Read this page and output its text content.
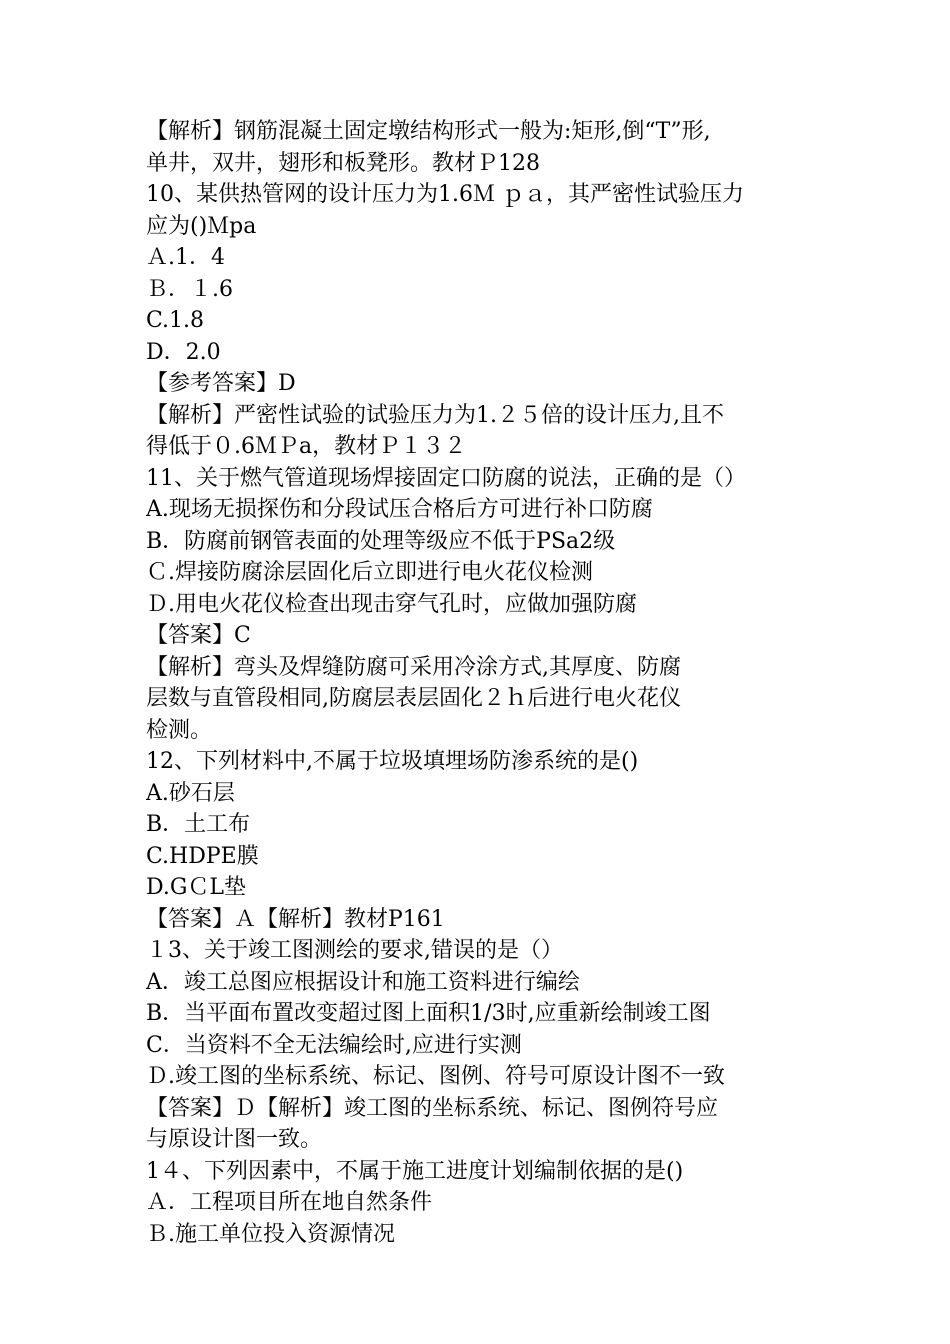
【解析】钢筋混凝土固定墩结构形式一般为:矩形,倒“T”形,
单井，双井，翅形和板凳形。教材Ｐ128
10、某供热管网的设计压力为1.6Ｍ ｐａ，其严密性试验压力
应为()Ｍpa
Ａ.1．4
Ｂ．１.6
C.1.8
D．2.0
【参考答案】D
【解析】严密性试验的试验压力为1.２５倍的设计压力,且不
得低于０.6ＭＰa，教材Ｐ１３２
11、关于燃气管道现场焊接固定口防腐的说法，正确的是（）
A.现场无损探伤和分段试压合格后方可进行补口防腐
B．防腐前钢管表面的处理等级应不低于PSa2级
Ｃ.焊接防腐涂层固化后立即进行电火花仪检测
Ｄ.用电火花仪检查出现击穿气孔时，应做加强防腐
【答案】C
【解析】弯头及焊缝防腐可采用冷涂方式,其厚度、防腐
层数与直管段相同,防腐层表层固化２ｈ后进行电火花仪
检测。
12、下列材料中,不属于垃圾填埋场防渗系统的是()
A.砂石层
B．土工布
C.HDPE膜
D.GＣL垫
【答案】Ａ【解析】教材P161
１3、关于竣工图测绘的要求,错误的是（）
A．竣工总图应根据设计和施工资料进行编绘
B．当平面布置改变超过图上面积1/3时,应重新绘制竣工图
C．当资料不全无法编绘时,应进行实测
Ｄ.竣工图的坐标系统、标记、图例、符号可原设计图不一致
【答案】Ｄ【解析】竣工图的坐标系统、标记、图例符号应
与原设计图一致。
1４、下列因素中，不属于施工进度计划编制依据的是()
Ａ．工程项目所在地自然条件
Ｂ.施工单位投入资源情况
